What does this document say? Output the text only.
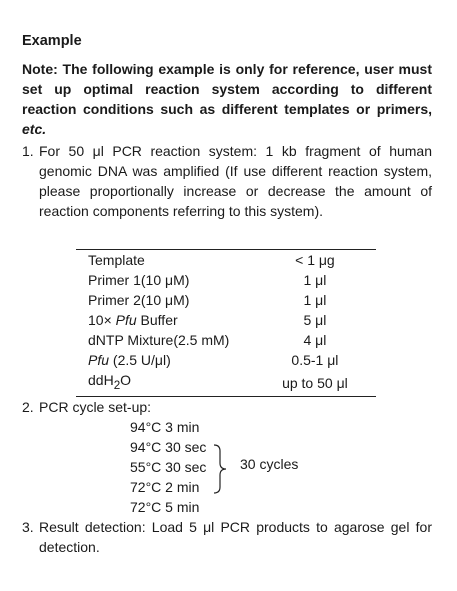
Example
Note: The following example is only for reference, user must set up optimal reaction system according to different reaction conditions such as different templates or primers, etc.
1. For 50 μl PCR reaction system: 1 kb fragment of human genomic DNA was amplified (If use different reaction system, please proportionally increase or decrease the amount of reaction components referring to this system).
Template	< 1 μg
Primer 1(10 μM)	1 μl
Primer 2(10 μM)	1 μl
10× Pfu Buffer	5 μl
dNTP Mixture(2.5 mM)	4 μl
Pfu (2.5 U/μl)	0.5-1 μl
ddH$_2$O	up to 50 μl
2. PCR cycle set-up:
94°C 3 min
94°C 30 sec
55°C 30 sec
72°C 2 min
72°C 5 min
30 cycles
3. Result detection: Load 5 μl PCR products to agarose gel for detection.
